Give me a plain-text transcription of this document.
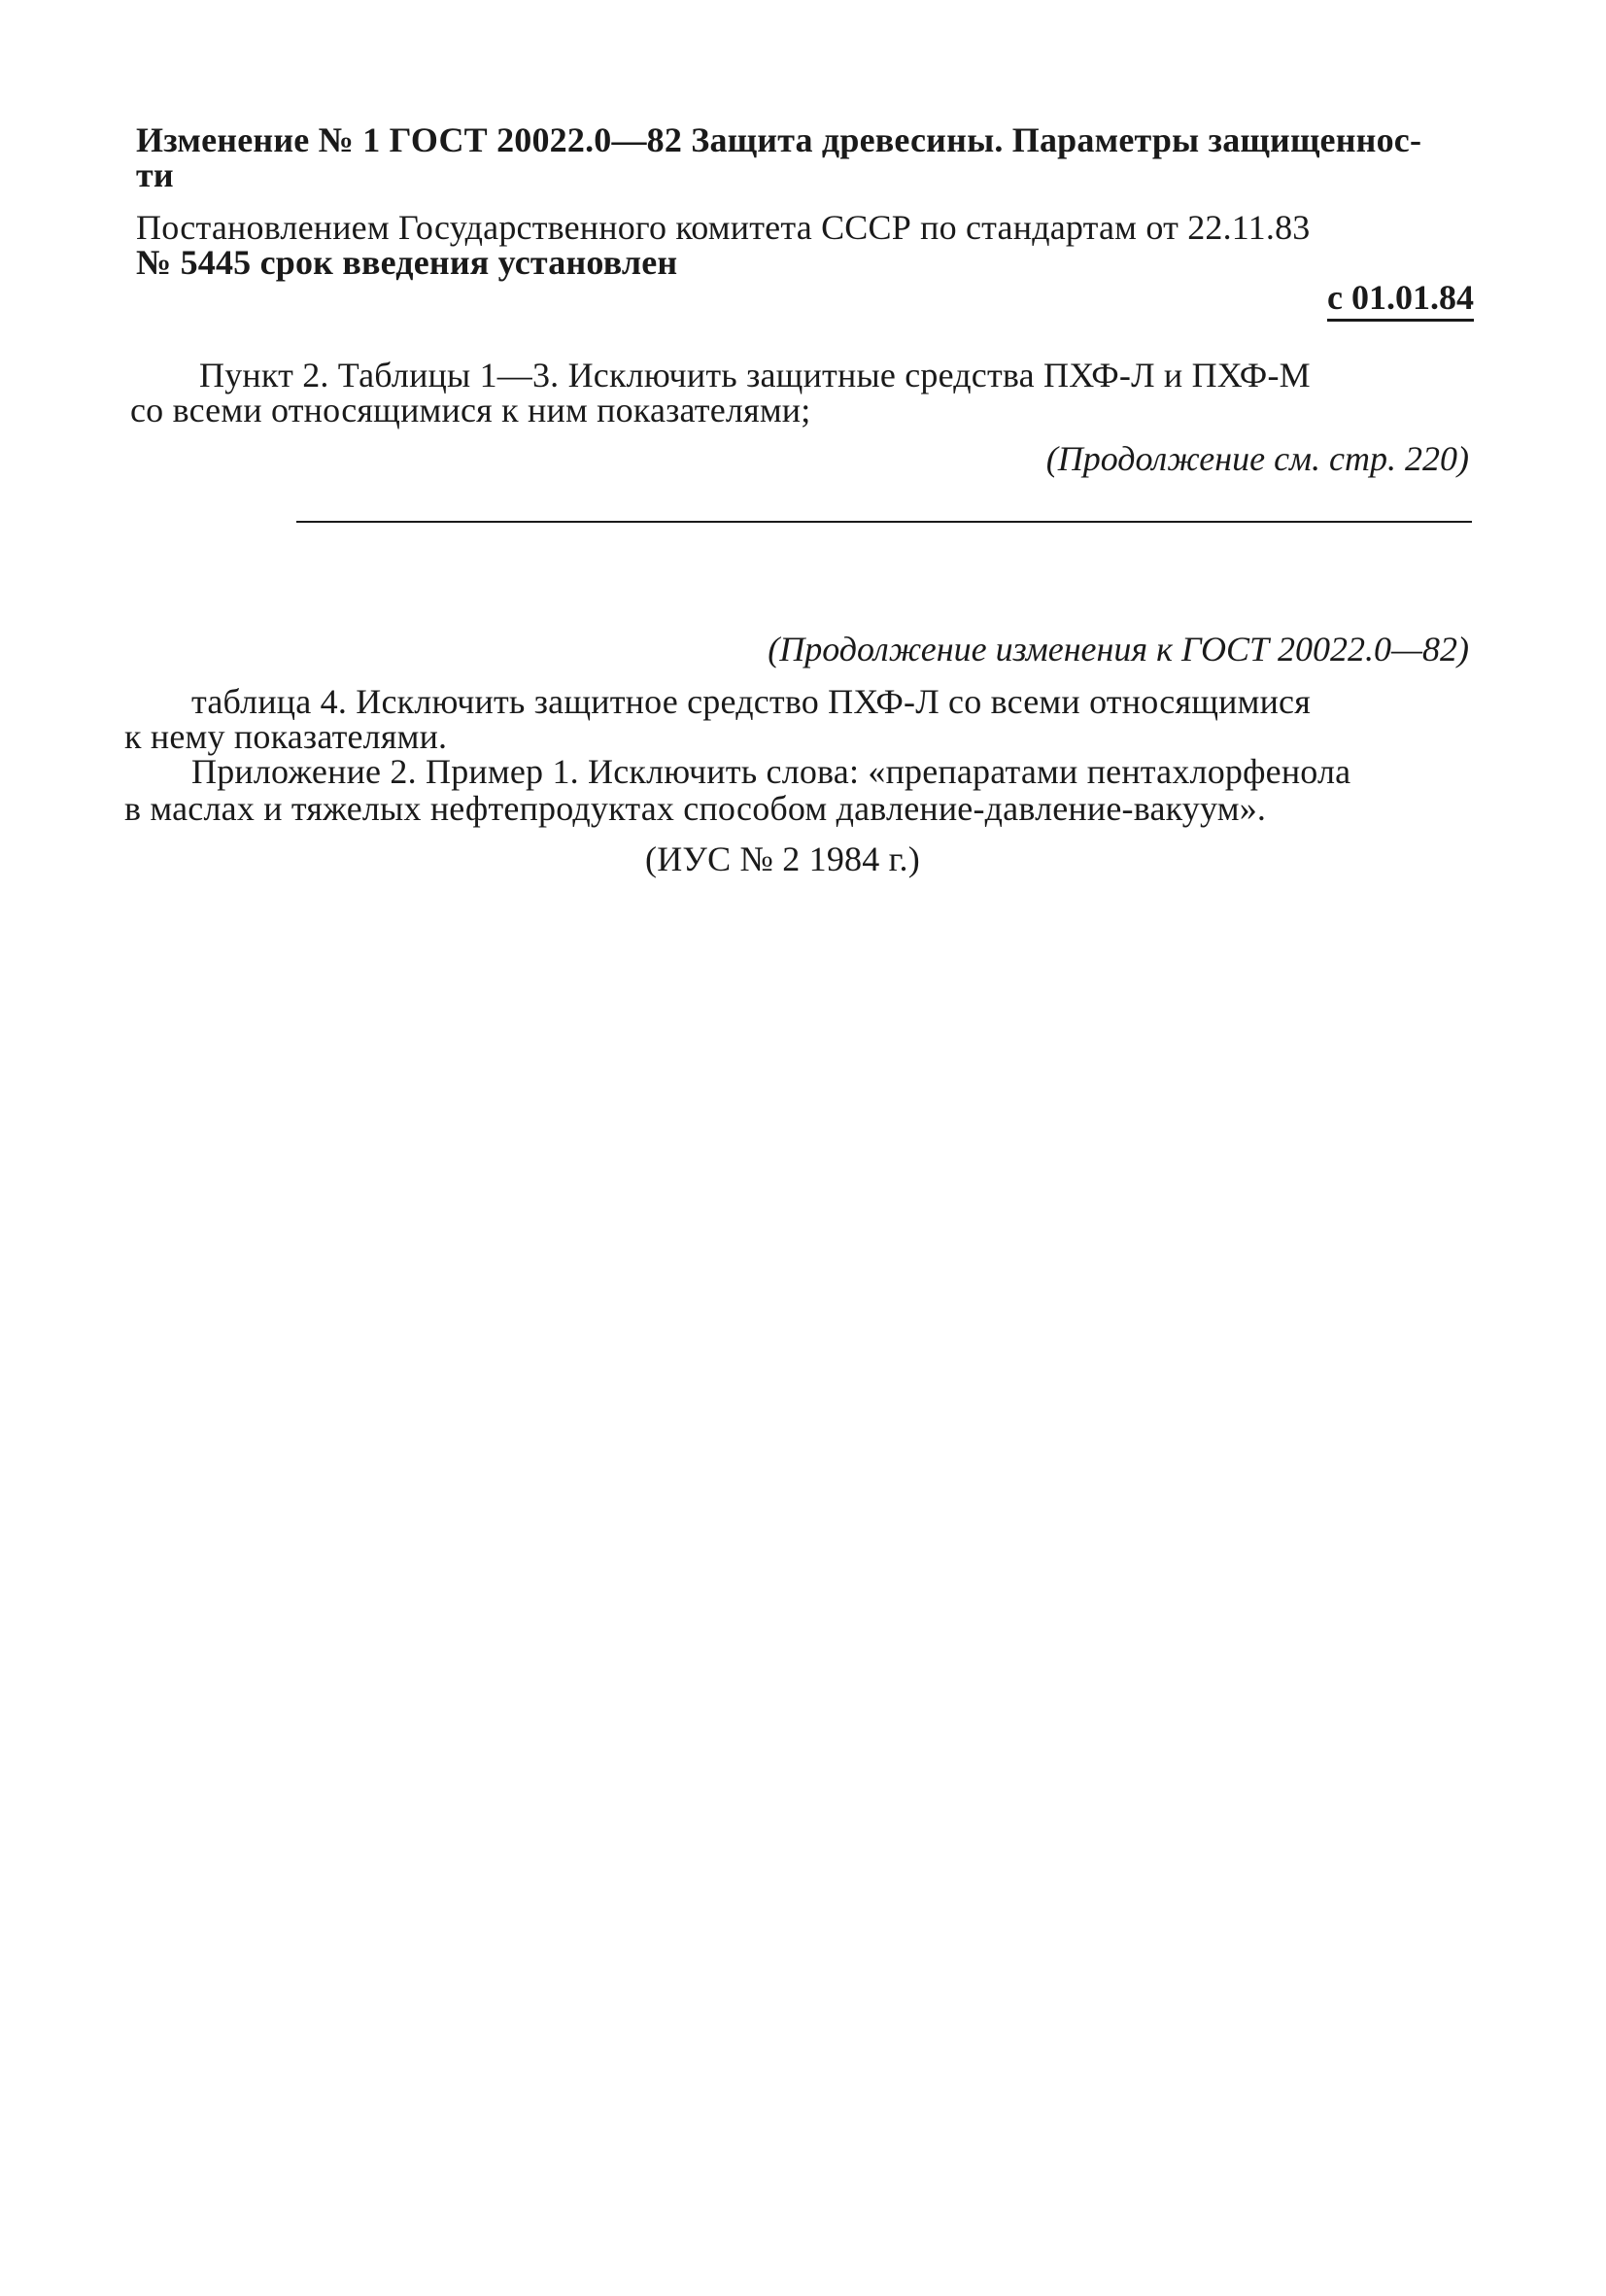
Изменение № 1 ГОСТ 20022.0—82 Защита древесины. Параметры защищеннос-
ти
Постановлением Государственного комитета СССР по стандартам от 22.11.83
№ 5445 срок введения установлен
с 01.01.84
Пункт 2. Таблицы 1—3. Исключить защитные средства ПХФ-Л и ПХФ-М
со всеми относящимися к ним показателями;
(Продолжение см. стр. 220)
(Продолжение изменения к ГОСТ 20022.0—82)
таблица 4. Исключить защитное средство ПХФ-Л со всеми относящимися
к нему показателями.
Приложение 2. Пример 1. Исключить слова: «препаратами пентахлорфенола
в маслах и тяжелых нефтепродуктах способом давление-давление-вакуум».
(ИУС № 2 1984 г.)
